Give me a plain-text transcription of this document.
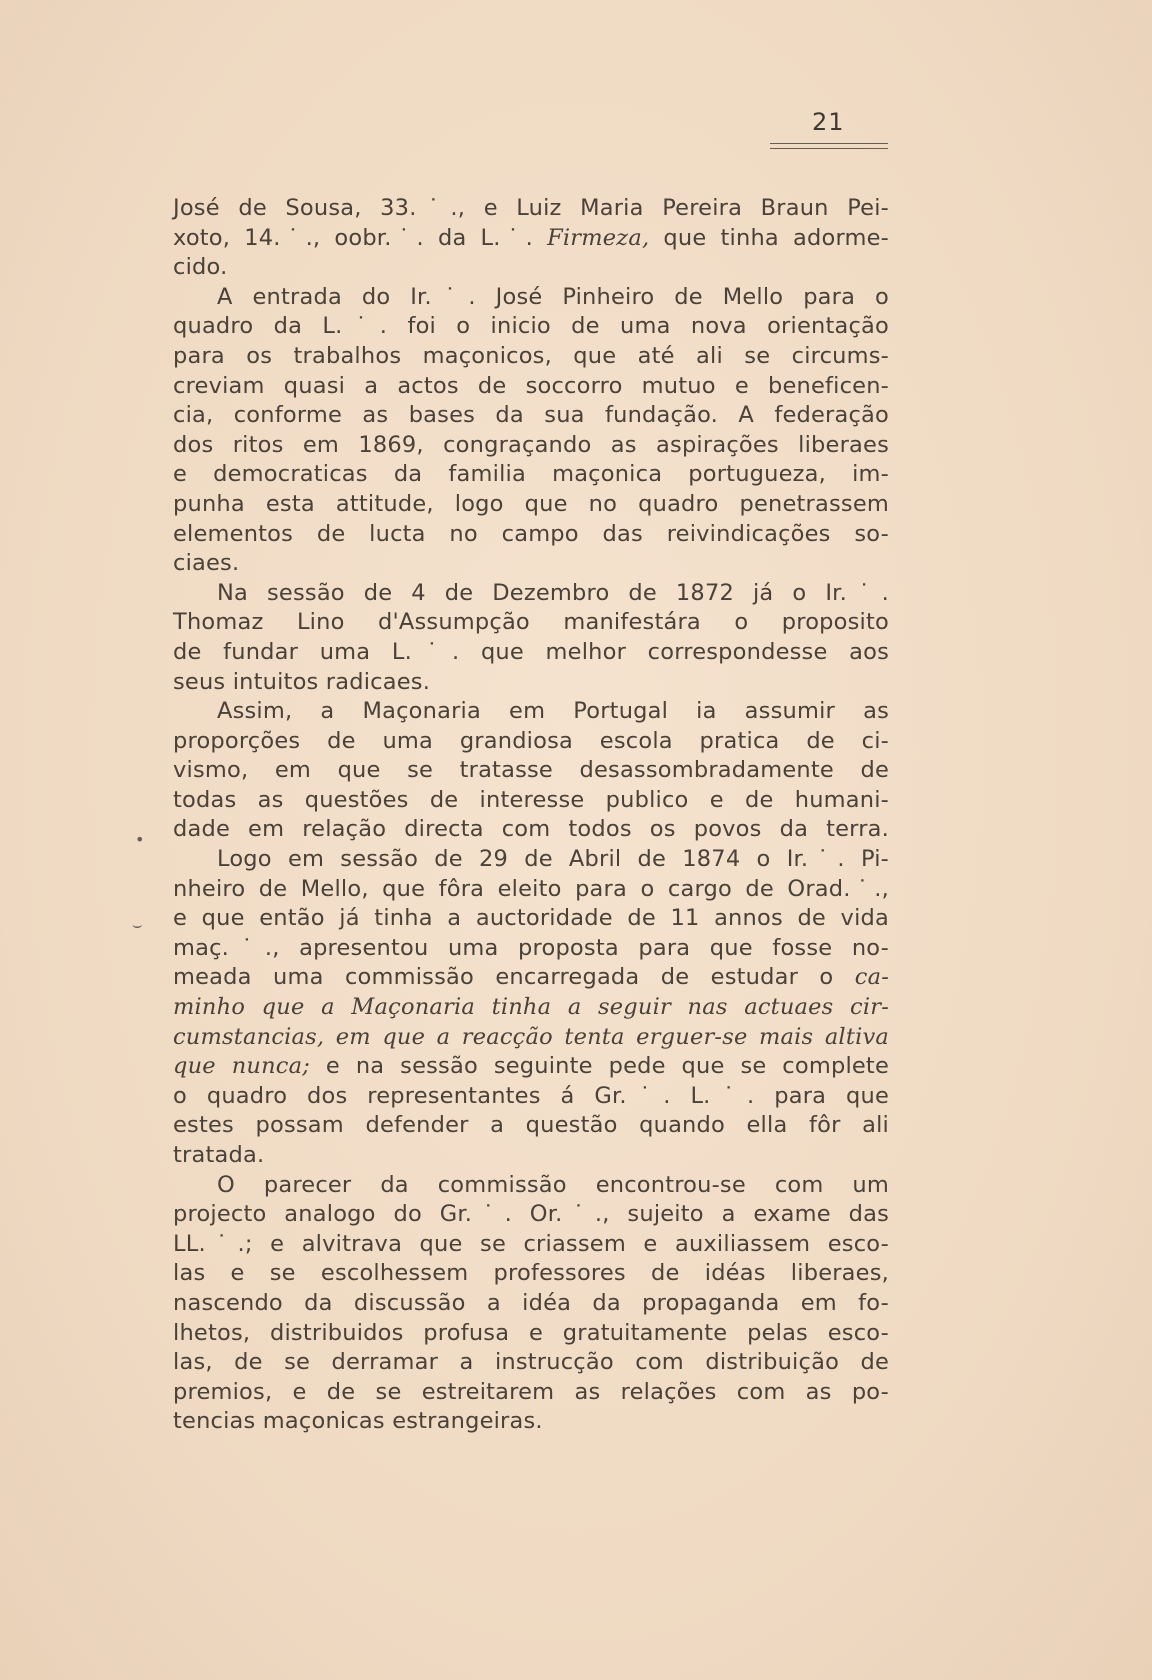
21
•
⌣
José de Sousa, 33.˙., e Luiz Maria Pereira Braun Pei-
xoto, 14.˙., oobr.˙. da L.˙. Firmeza, que tinha adorme-
cido.
A entrada do Ir.˙. José Pinheiro de Mello para o
quadro da L.˙. foi o inicio de uma nova orientação
para os trabalhos maçonicos, que até ali se circums-
creviam quasi a actos de soccorro mutuo e beneficen-
cia, conforme as bases da sua fundação. A federação
dos ritos em 1869, congraçando as aspirações liberaes
e democraticas da familia maçonica portugueza, im-
punha esta attitude, logo que no quadro penetrassem
elementos de lucta no campo das reivindicações so-
ciaes.
Na sessão de 4 de Dezembro de 1872 já o Ir.˙.
Thomaz Lino d'Assumpção manifestára o proposito
de fundar uma L.˙. que melhor correspondesse aos
seus intuitos radicaes.
Assim, a Maçonaria em Portugal ia assumir as
proporções de uma grandiosa escola pratica de ci-
vismo, em que se tratasse desassombradamente de
todas as questões de interesse publico e de humani-
dade em relação directa com todos os povos da terra.
Logo em sessão de 29 de Abril de 1874 o Ir.˙. Pi-
nheiro de Mello, que fôra eleito para o cargo de Orad.˙.,
e que então já tinha a auctoridade de 11 annos de vida
maç.˙., apresentou uma proposta para que fosse no-
meada uma commissão encarregada de estudar o ca-
minho que a Maçonaria tinha a seguir nas actuaes cir-
cumstancias, em que a reacção tenta erguer-se mais altiva
que nunca; e na sessão seguinte pede que se complete
o quadro dos representantes á Gr.˙. L.˙. para que
estes possam defender a questão quando ella fôr ali
tratada.
O parecer da commissão encontrou-se com um
projecto analogo do Gr.˙. Or.˙., sujeito a exame das
LL.˙.; e alvitrava que se criassem e auxiliassem esco-
las e se escolhessem professores de idéas liberaes,
nascendo da discussão a idéa da propaganda em fo-
lhetos, distribuidos profusa e gratuitamente pelas esco-
las, de se derramar a instrucção com distribuição de
premios, e de se estreitarem as relações com as po-
tencias maçonicas estrangeiras.
